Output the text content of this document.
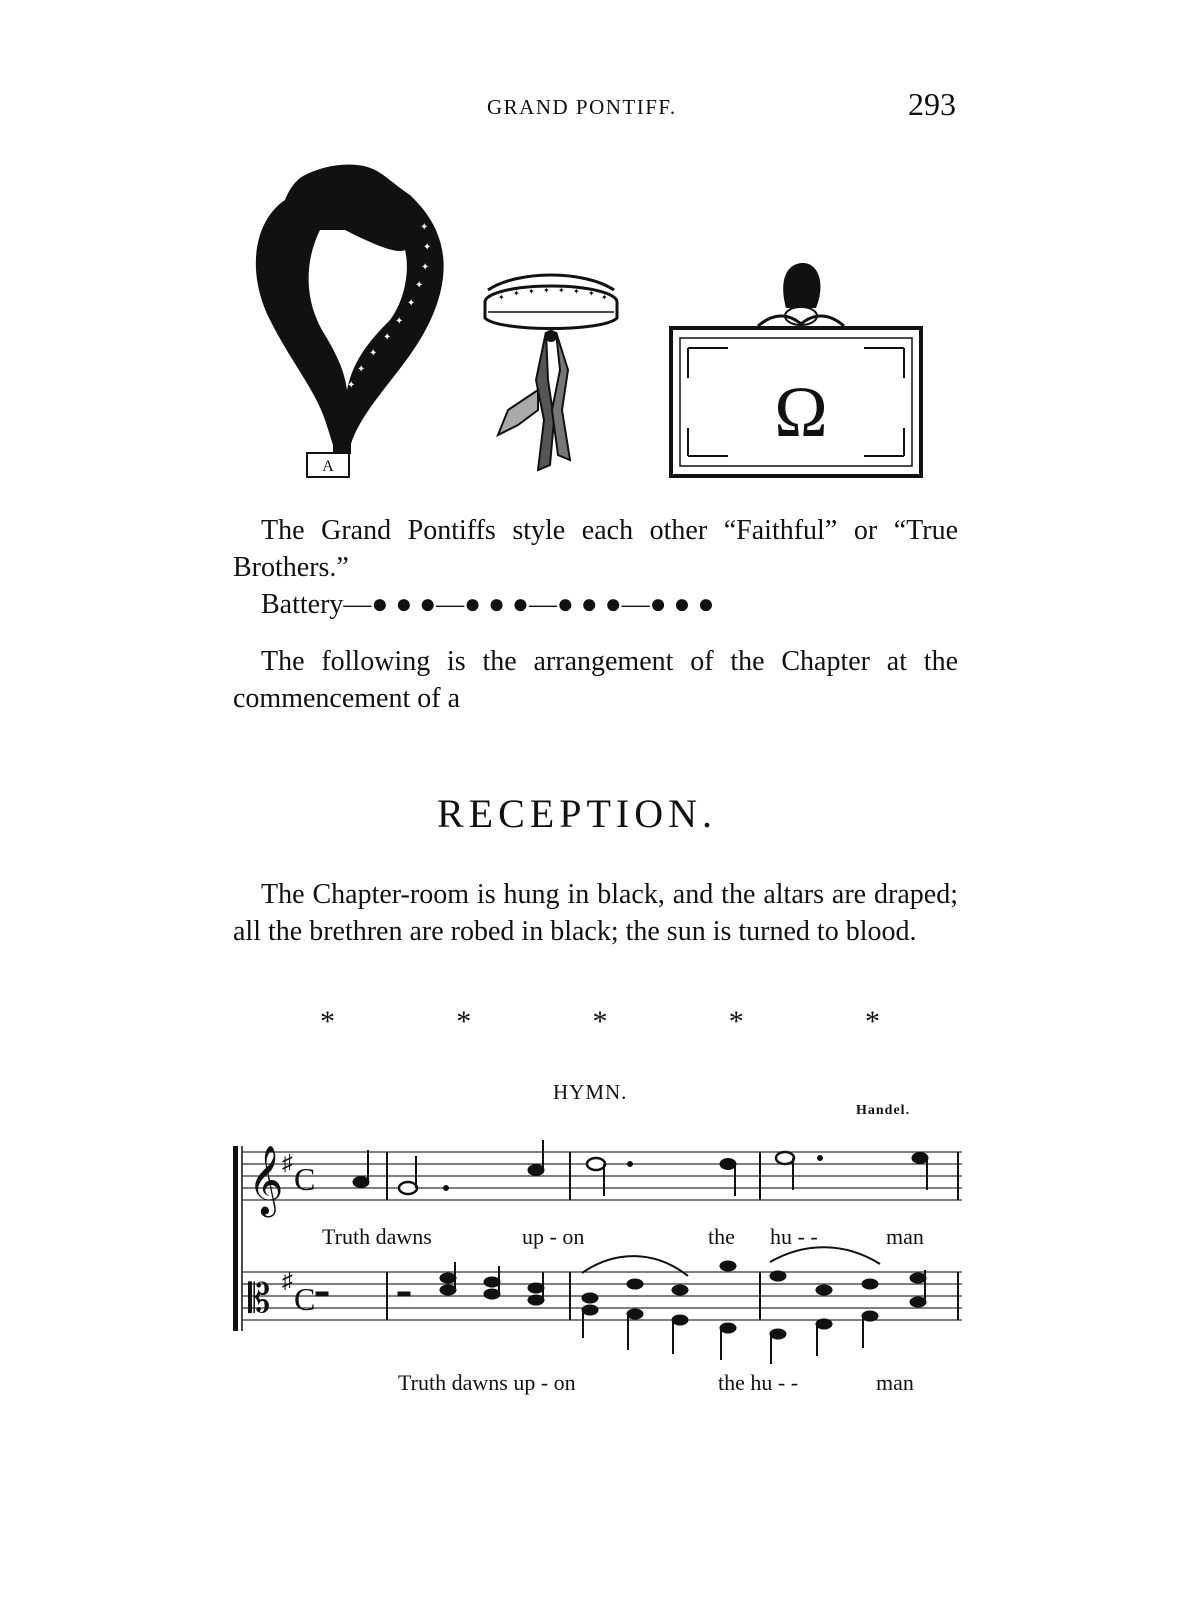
GRAND PONTIFF.	293
✦
✦
✦
✦
✦
✦
✦
✦
✦
✦
A
✦ ✦ ✦ ✦ ✦ ✦ ✦ ✦
Ω
The Grand Pontiffs style each other “Faithful” or “True Brothers.”
Battery—● ● ●—● ● ●—● ● ●—● ● ●
The following is the arrangement of the Chapter at the commencement of a
RECEPTION.
The Chapter-room is hung in black, and the altars are draped; all the brethren are robed in black; the sun is turned to blood.
*	*	*	*	*
HYMN.
Handel.
𝄞
♯ C
𝄡 ♯
C
Truth dawns	up - on	the hu - -	man
Truth dawns up - on	the hu - -	man
